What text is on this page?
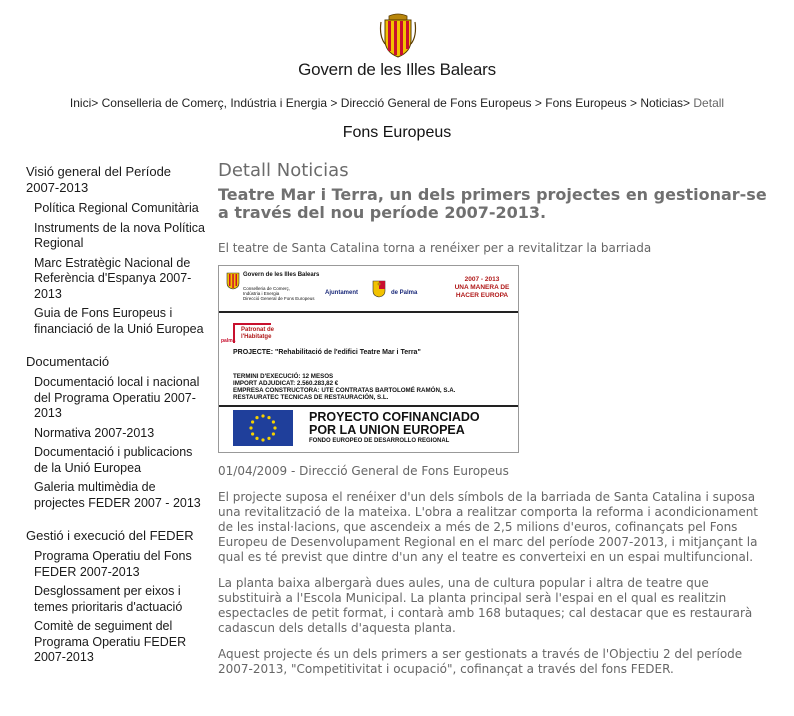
Govern de les Illes Balears
Inici> Conselleria de Comerç, Indústria i Energia > Direcció General de Fons Europeus > Fons Europeus > Noticias> Detall
Fons Europeus
Visió general del Període 2007-2013
Política Regional Comunitària
Instruments de la nova Política Regional
Marc Estratègic Nacional de Referència d'Espanya 2007-2013
Guia de Fons Europeus i financiació de la Unió Europea
Documentació
Documentació local i nacional del Programa Operatiu 2007-2013
Normativa 2007-2013
Documentació i publicacions de la Unió Europea
Galeria multimèdia de projectes FEDER 2007 - 2013
Gestió i execució del FEDER
Programa Operatiu del Fons FEDER 2007-2013
Desglossament per eixos i temes prioritaris d'actuació
Comitè de seguiment del Programa Operatiu FEDER 2007-2013
Detall Noticias
Teatre Mar i Terra, un dels primers projectes en gestionar-se a través del nou període 2007-2013.
El teatre de Santa Catalina torna a renéixer per a revitalitzar la barriada
Govern de les Illes Balears
Conselleria de Comerç,
Indústria i Energia
Direcció General de Fons Europeus
Ajuntament	de Palma
2007 - 2013
UNA MANERA DE
HACER EUROPA
palma
Patronat de
l'Habitatge
PROJECTE: "Rehabilitació de l'edifici Teatre Mar i Terra"
TERMINI D'EXECUCIÓ: 12 MESOS
IMPORT ADJUDICAT: 2.560.283,82 €
EMPRESA CONSTRUCTORA: UTE CONTRATAS BARTOLOMÉ RAMÓN, S.A.
RESTAURATEC TECNICAS DE RESTAURACIÓN, S.L.
PROYECTO COFINANCIADO
POR LA UNION EUROPEA
FONDO EUROPEO DE DESARROLLO REGIONAL
01/04/2009 - Direcció General de Fons Europeus
El projecte suposa el renéixer d'un dels símbols de la barriada de Santa Catalina i suposa una revitalització de la mateixa. L'obra a realitzar comporta la reforma i acondicionament de les instal·lacions, que ascendeix a més de 2,5 milions d'euros, cofinançats pel Fons Europeu de Desenvolupament Regional en el marc del període 2007-2013, i mitjançant la qual es té previst que dintre d'un any el teatre es converteixi en un espai multifuncional.
La planta baixa albergarà dues aules, una de cultura popular i altra de teatre que substituirà a l'Escola Municipal. La planta principal serà l'espai en el qual es realitzin espectacles de petit format, i contarà amb 168 butaques; cal destacar que es restaurarà cadascun dels detalls d'aquesta planta.
Aquest projecte és un dels primers a ser gestionats a través de l'Objectiu 2 del període 2007-2013, "Competitivitat i ocupació", cofinançat a través del fons FEDER.
